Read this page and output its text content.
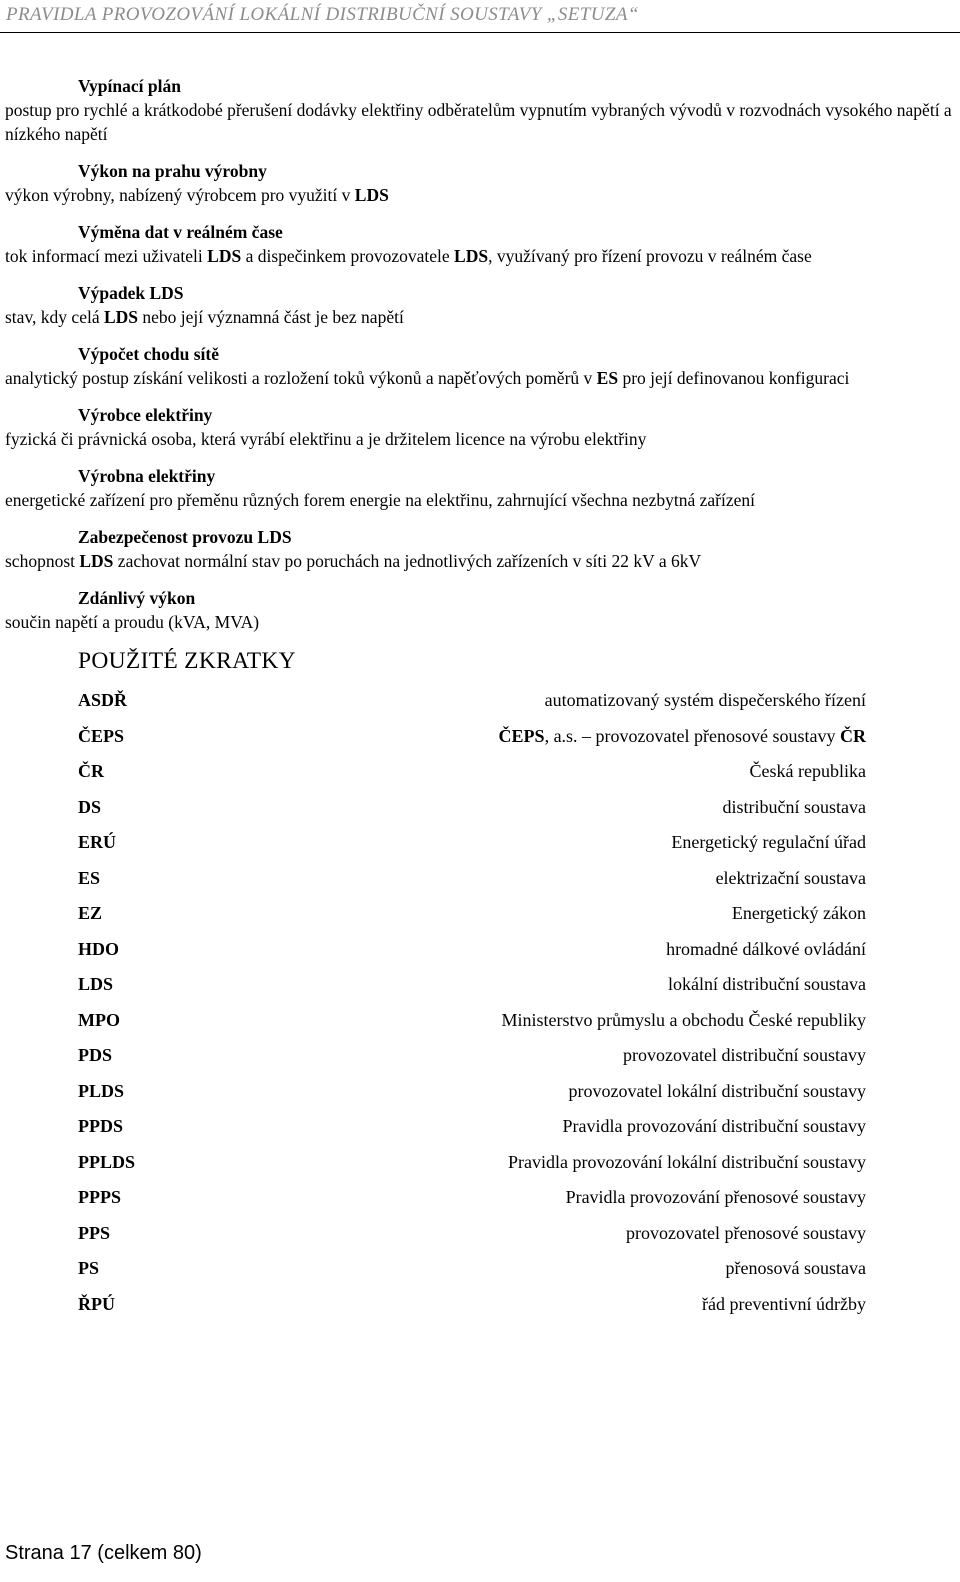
PRAVIDLA PROVOZOVÁNÍ LOKÁLNÍ DISTRIBUČNÍ SOUSTAVY „SETUZA“
Vypínací plán
postup pro rychlé a krátkodobé přerušení dodávky elektřiny odběratelům vypnutím vybraných vývodů v rozvodnách vysokého napětí a nízkého napětí
Výkon na prahu výrobny
výkon výrobny, nabízený výrobcem pro využití v LDS
Výměna dat v reálném čase
tok informací mezi uživateli LDS a dispečinkem provozovatele LDS, využívaný pro řízení provozu v reálném čase
Výpadek LDS
stav, kdy celá LDS nebo její významná část je bez napětí
Výpočet chodu sítě
analytický postup získání velikosti a rozložení toků výkonů a napěťových poměrů v ES pro její definovanou konfiguraci
Výrobce elektřiny
fyzická či právnická osoba, která vyrábí elektřinu a je držitelem licence na výrobu elektřiny
Výrobna elektřiny
energetické zařízení pro přeměnu různých forem energie na elektřinu, zahrnující všechna nezbytná zařízení
Zabezpečenost provozu LDS
schopnost LDS zachovat normální stav po poruchách na jednotlivých zařízeních v síti 22 kV a 6kV
Zdánlivý výkon
součin napětí a proudu (kVA, MVA)
POUŽITÉ ZKRATKY
ASDŘ	automatizovaný systém dispečerského řízení
ČEPS	ČEPS, a.s. – provozovatel přenosové soustavy ČR
ČR	Česká republika
DS	distribuční soustava
ERÚ	Energetický regulační úřad
ES	elektrizační soustava
EZ	Energetický zákon
HDO	hromadné dálkové ovládání
LDS	lokální distribuční soustava
MPO	Ministerstvo průmyslu a obchodu České republiky
PDS	provozovatel distribuční soustavy
PLDS	provozovatel lokální distribuční soustavy
PPDS	Pravidla provozování distribuční soustavy
PPLDS	Pravidla provozování lokální distribuční soustavy
PPPS	Pravidla provozování přenosové soustavy
PPS	provozovatel přenosové soustavy
PS	přenosová soustava
ŘPÚ	řád preventivní údržby
Strana 17 (celkem 80)
